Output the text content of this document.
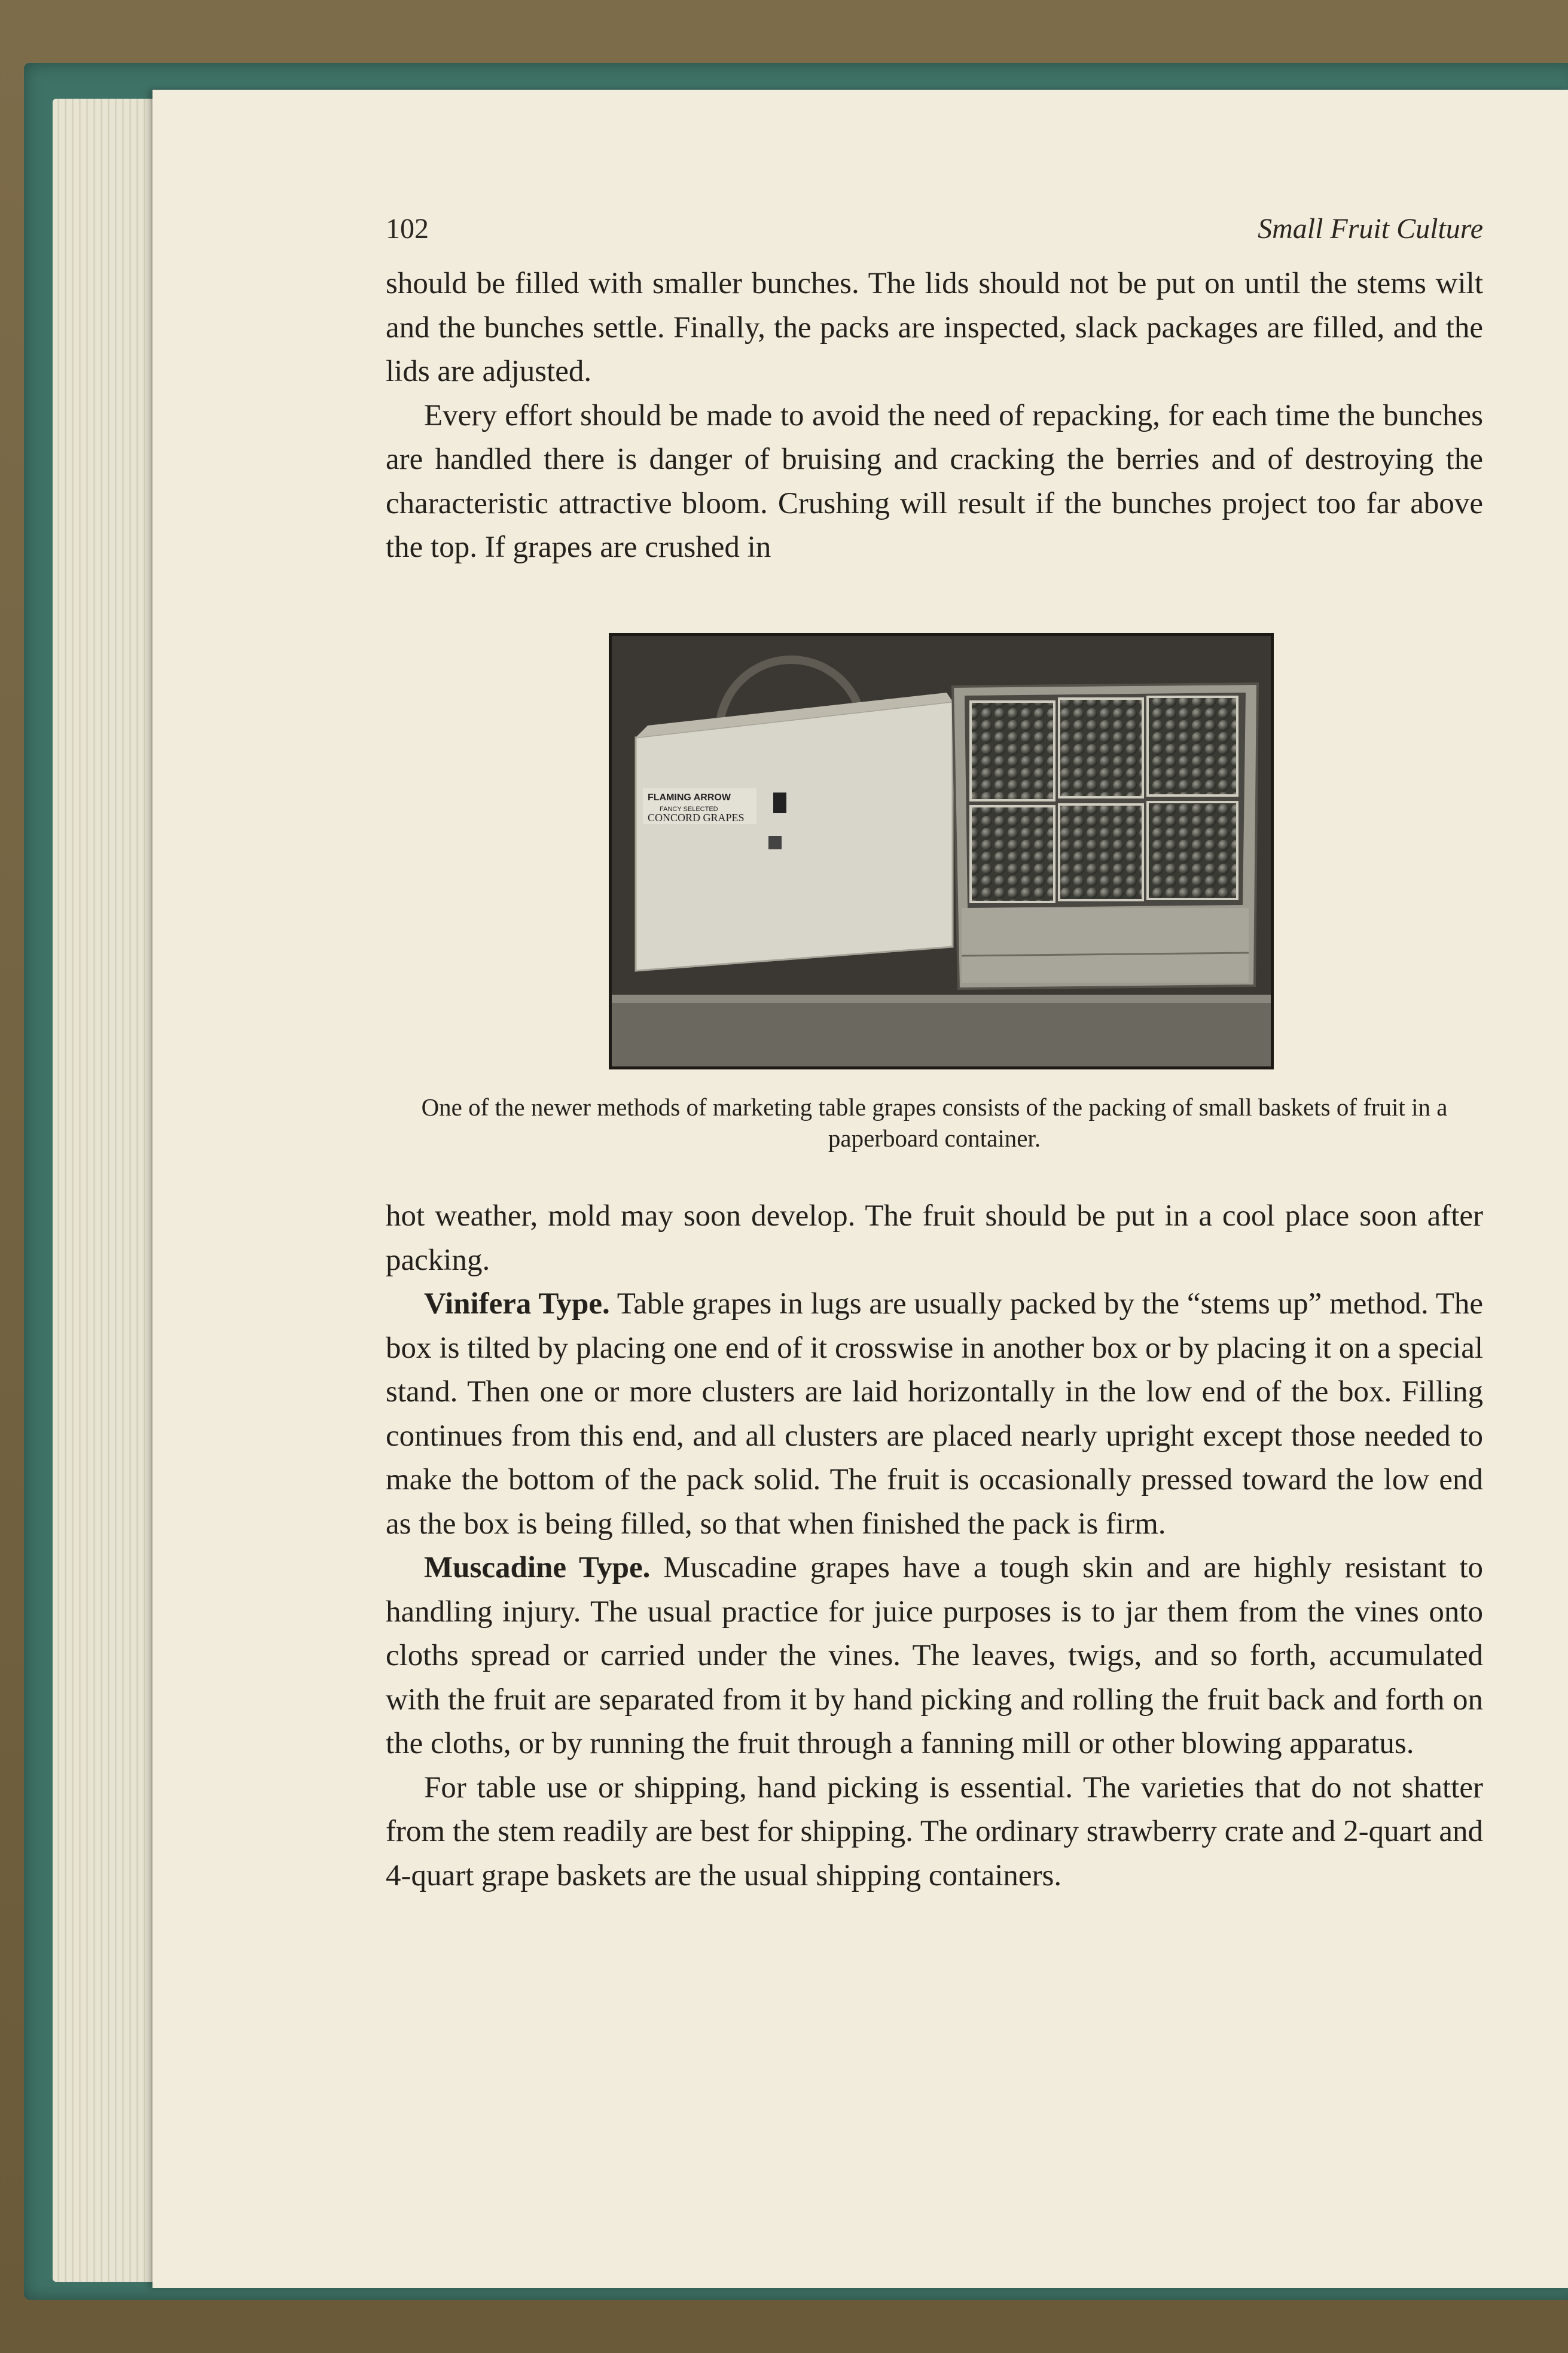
102	Small Fruit Culture

should be filled with smaller bunches. The lids should not be put on until the stems wilt and the bunches settle. Finally, the packs are inspected, slack packages are filled, and the lids are adjusted.

Every effort should be made to avoid the need of repacking, for each time the bunches are handled there is danger of bruising and cracking the berries and of destroying the characteristic attractive bloom. Crushing will result if the bunches project too far above the top. If grapes are crushed in

FLAMING ARROW
FANCY SELECTED
CONCORD GRAPES
One of the newer methods of marketing table grapes consists of the packing of small baskets of fruit in a paperboard container.

hot weather, mold may soon develop. The fruit should be put in a cool place soon after packing.

Vinifera Type. Table grapes in lugs are usually packed by the “stems up” method. The box is tilted by placing one end of it crosswise in another box or by placing it on a special stand. Then one or more clusters are laid horizontally in the low end of the box. Filling continues from this end, and all clusters are placed nearly upright except those needed to make the bottom of the pack solid. The fruit is occasionally pressed toward the low end as the box is being filled, so that when finished the pack is firm.

Muscadine Type. Muscadine grapes have a tough skin and are highly resistant to handling injury. The usual practice for juice purposes is to jar them from the vines onto cloths spread or carried under the vines. The leaves, twigs, and so forth, accumulated with the fruit are separated from it by hand picking and rolling the fruit back and forth on the cloths, or by running the fruit through a fanning mill or other blowing apparatus.

For table use or shipping, hand picking is essential. The varieties that do not shatter from the stem readily are best for shipping. The ordinary strawberry crate and 2-quart and 4-quart grape baskets are the usual shipping containers.
